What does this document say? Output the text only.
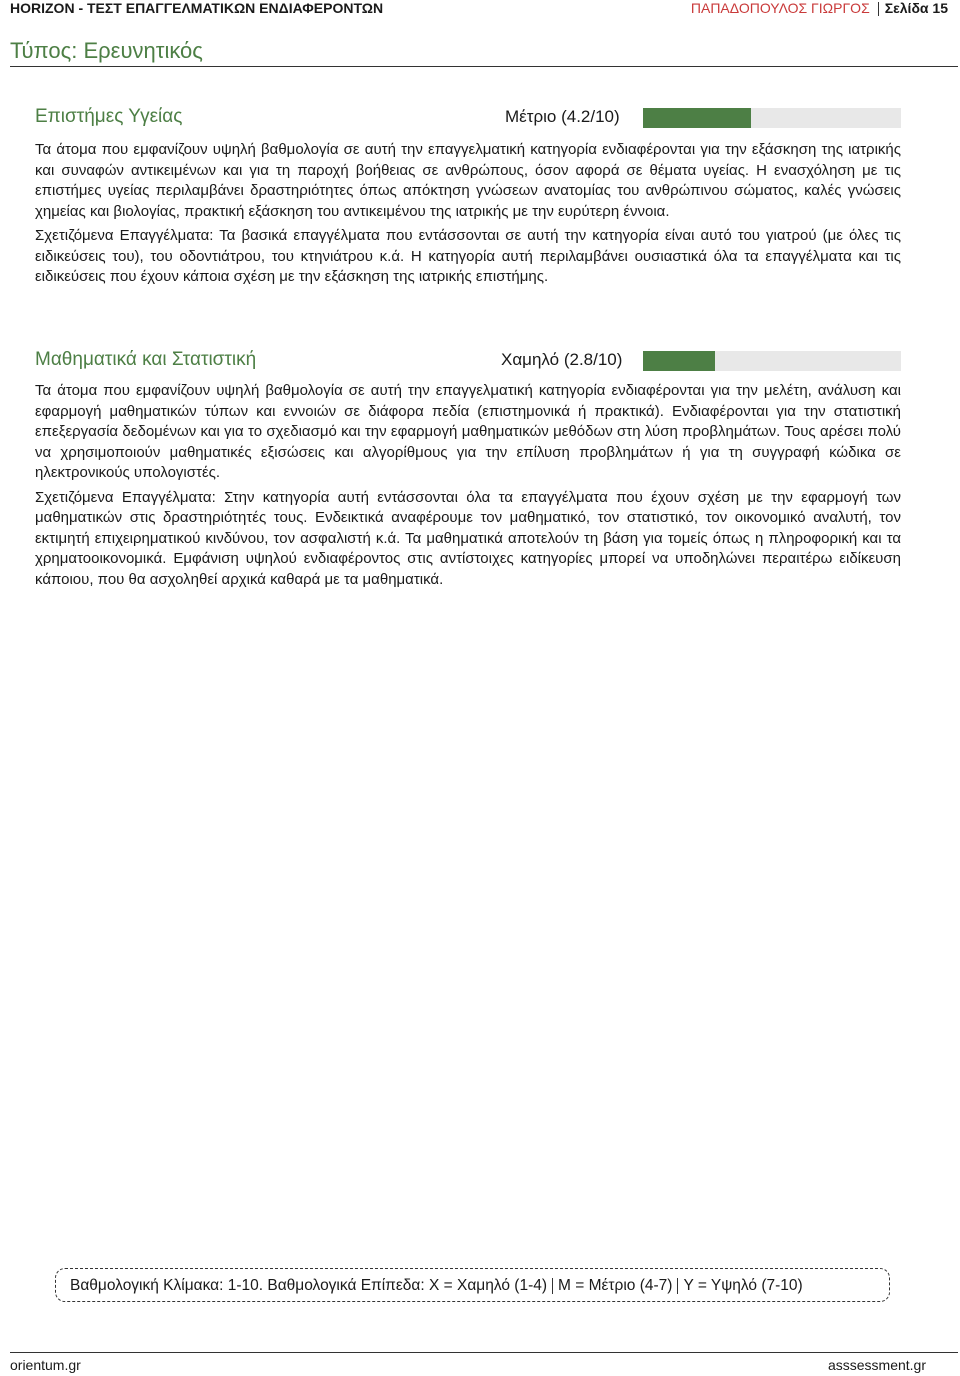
HORIZON - ΤΕΣΤ ΕΠΑΓΓΕΛΜΑΤΙΚΩΝ ΕΝΔΙΑΦΕΡΟΝΤΩΝ	ΠΑΠΑΔΟΠΟΥΛΟΣ ΓΙΩΡΓΟΣ Σελίδα 15
Τύπος: Ερευνητικός
Επιστήμες Υγείας	Μέτριο (4.2/10)

Τα άτομα που εμφανίζουν υψηλή βαθμολογία σε αυτή την επαγγελματική κατηγορία ενδιαφέρονται για την εξάσκηση της ιατρικής και συναφών αντικειμένων και για τη παροχή βοήθειας σε ανθρώπους, όσον αφορά σε θέματα υγείας. Η ενασχόληση με τις επιστήμες υγείας περιλαμβάνει δραστηριότητες όπως απόκτηση γνώσεων ανατομίας του ανθρώπινου σώματος, καλές γνώσεις χημείας και βιολογίας, πρακτική εξάσκηση του αντικειμένου της ιατρικής με την ευρύτερη έννοια.

Σχετιζόμενα Επαγγέλματα: Τα βασικά επαγγέλματα που εντάσσονται σε αυτή την κατηγορία είναι αυτό του γιατρού (με όλες τις ειδικεύσεις του), του οδοντιάτρου, του κτηνιάτρου κ.ά. Η κατηγορία αυτή περιλαμβάνει ουσιαστικά όλα τα επαγγέλματα και τις ειδικεύσεις που έχουν κάποια σχέση με την εξάσκηση της ιατρικής επιστήμης.

Μαθηματικά και Στατιστική	Χαμηλό (2.8/10)

Τα άτομα που εμφανίζουν υψηλή βαθμολογία σε αυτή την επαγγελματική κατηγορία ενδιαφέρονται για την μελέτη, ανάλυση και εφαρμογή μαθηματικών τύπων και εννοιών σε διάφορα πεδία (επιστημονικά ή πρακτικά). Ενδιαφέρονται για την στατιστική επεξεργασία δεδομένων και για το σχεδιασμό και την εφαρμογή μαθηματικών μεθόδων στη λύση προβλημάτων. Τους αρέσει πολύ να χρησιμοποιούν μαθηματικές εξισώσεις και αλγορίθμους για την επίλυση προβλημάτων ή για τη συγγραφή κώδικα σε ηλεκτρονικούς υπολογιστές.

Σχετιζόμενα Επαγγέλματα: Στην κατηγορία αυτή εντάσσονται όλα τα επαγγέλματα που έχουν σχέση με την εφαρμογή των μαθηματικών στις δραστηριότητές τους. Ενδεικτικά αναφέρουμε τον μαθηματικό, τον στατιστικό, τον οικονομικό αναλυτή, τον εκτιμητή επιχειρηματικού κινδύνου, τον ασφαλιστή κ.ά. Τα μαθηματικά αποτελούν τη βάση για τομείς όπως η πληροφορική και τα χρηματοοικονομικά. Εμφάνιση υψηλού ενδιαφέροντος στις αντίστοιχες κατηγορίες μπορεί να υποδηλώνει περαιτέρω ειδίκευση κάποιου, που θα ασχοληθεί αρχικά καθαρά με τα μαθηματικά.

Βαθμολογική Κλίμακα: 1-10. Βαθμολογικά Επίπεδα: Χ = Χαμηλό (1-4) Μ = Μέτριο (4-7) Υ = Υψηλό (7-10)
orientum.gr	asssessment.gr
